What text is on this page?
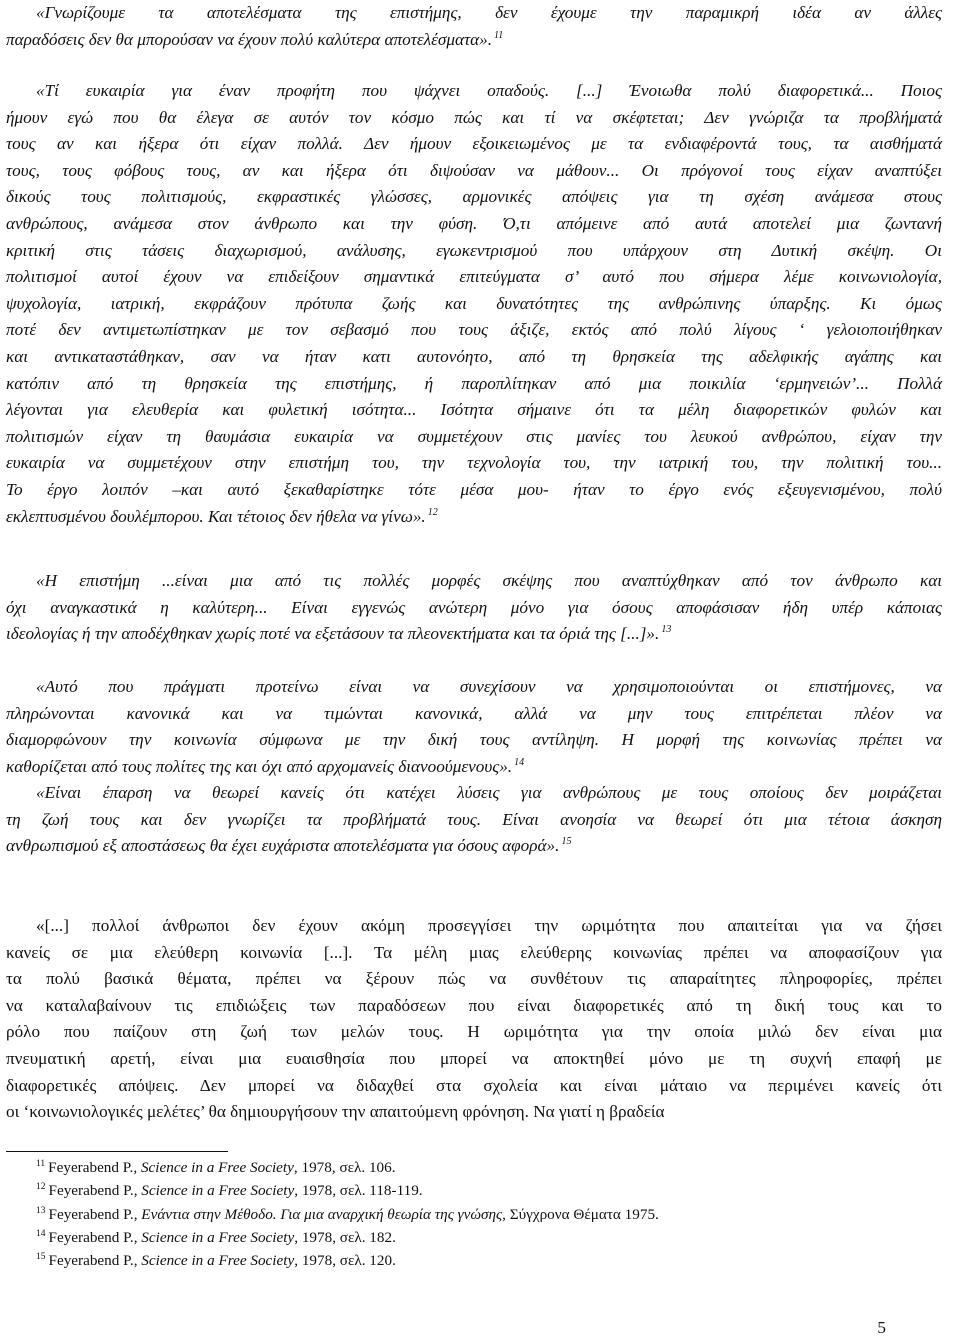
«Γνωρίζουμε τα αποτελέσματα της επιστήμης, δεν έχουμε την παραμικρή ιδέα αν άλλες
παραδόσεις δεν θα μπορούσαν να έχουν πολύ καλύτερα αποτελέσματα». $^{11}$
«Τί ευκαιρία για έναν προφήτη που ψάχνει οπαδούς. [...] Ένοιωθα πολύ διαφορετικά... Ποιος
ήμουν εγώ που θα έλεγα σε αυτόν τον κόσμο πώς και τί να σκέφτεται; Δεν γνώριζα τα προβλήματά
τους αν και ήξερα ότι είχαν πολλά. Δεν ήμουν εξοικειωμένος με τα ενδιαφέροντά τους, τα αισθήματά
τους, τους φόβους τους, αν και ήξερα ότι διψούσαν να μάθουν... Οι πρόγονοί τους είχαν αναπτύξει
δικούς τους πολιτισμούς, εκφραστικές γλώσσες, αρμονικές απόψεις για τη σχέση ανάμεσα στους
ανθρώπους, ανάμεσα στον άνθρωπο και την φύση. Ό,τι απόμεινε από αυτά αποτελεί μια ζωντανή
κριτική στις τάσεις διαχωρισμού, ανάλυσης, εγωκεντρισμού που υπάρχουν στη Δυτική σκέψη. Οι
πολιτισμοί αυτοί έχουν να επιδείξουν σημαντικά επιτεύγματα σ’ αυτό που σήμερα λέμε κοινωνιολογία,
ψυχολογία, ιατρική, εκφράζουν πρότυπα ζωής και δυνατότητες της ανθρώπινης ύπαρξης. Κι όμως
ποτέ δεν αντιμετωπίστηκαν με τον σεβασμό που τους άξιζε, εκτός από πολύ λίγους ‘ γελοιοποιήθηκαν
και αντικαταστάθηκαν, σαν να ήταν κατι αυτονόητο, από τη θρησκεία της αδελφικής αγάπης και
κατόπιν από τη θρησκεία της επιστήμης, ή παροπλίτηκαν από μια ποικιλία ‘ερμηνειών’... Πολλά
λέγονται για ελευθερία και φυλετική ισότητα... Ισότητα σήμαινε ότι τα μέλη διαφορετικών φυλών και
πολιτισμών είχαν τη θαυμάσια ευκαιρία να συμμετέχουν στις μανίες του λευκού ανθρώπου, είχαν την
ευκαιρία να συμμετέχουν στην επιστήμη του, την τεχνολογία του, την ιατρική του, την πολιτική του...
Το έργο λοιπόν –και αυτό ξεκαθαρίστηκε τότε μέσα μου- ήταν το έργο ενός εξευγενισμένου, πολύ
εκλεπτυσμένου δουλέμπορου. Και τέτοιος δεν ήθελα να γίνω». $^{12}$
«Η επιστήμη ...είναι μια από τις πολλές μορφές σκέψης που αναπτύχθηκαν από τον άνθρωπο και
όχι αναγκαστικά η καλύτερη... Είναι εγγενώς ανώτερη μόνο για όσους αποφάσισαν ήδη υπέρ κάποιας
ιδεολογίας ή την αποδέχθηκαν χωρίς ποτέ να εξετάσουν τα πλεονεκτήματα και τα όριά της [...]». $^{13}$
«Αυτό που πράγματι προτείνω είναι να συνεχίσουν να χρησιμοποιούνται οι επιστήμονες, να
πληρώνονται κανονικά και να τιμώνται κανονικά, αλλά να μην τους επιτρέπεται πλέον να
διαμορφώνουν την κοινωνία σύμφωνα με την δική τους αντίληψη. Η μορφή της κοινωνίας πρέπει να
καθορίζεται από τους πολίτες της και όχι από αρχομανείς διανοούμενους». $^{14}$
«Είναι έπαρση να θεωρεί κανείς ότι κατέχει λύσεις για ανθρώπους με τους οποίους δεν μοιράζεται
τη ζωή τους και δεν γνωρίζει τα προβλήματά τους. Είναι ανοησία να θεωρεί ότι μια τέτοια άσκηση
ανθρωπισμού εξ αποστάσεως θα έχει ευχάριστα αποτελέσματα για όσους αφορά». $^{15}$
«[...] πολλοί άνθρωποι δεν έχουν ακόμη προσεγγίσει την ωριμότητα που απαιτείται για να ζήσει
κανείς σε μια ελεύθερη κοινωνία [...]. Τα μέλη μιας ελεύθερης κοινωνίας πρέπει να αποφασίζουν για
τα πολύ βασικά θέματα, πρέπει να ξέρουν πώς να συνθέτουν τις απαραίτητες πληροφορίες, πρέπει
να καταλαβαίνουν τις επιδιώξεις των παραδόσεων που είναι διαφορετικές από τη δική τους και το
ρόλο που παίζουν στη ζωή των μελών τους. Η ωριμότητα για την οποία μιλώ δεν είναι μια
πνευματική αρετή, είναι μια ευαισθησία που μπορεί να αποκτηθεί μόνο με τη συχνή επαφή με
διαφορετικές απόψεις. Δεν μπορεί να διδαχθεί στα σχολεία και είναι μάταιο να περιμένει κανείς ότι
οι ‘κοινωνιολογικές μελέτες’ θα δημιουργήσουν την απαιτούμενη φρόνηση. Να γιατί η βραδεία
$^{11}$ Feyerabend P., Science in a Free Society, 1978, σελ. 106.
$^{12}$ Feyerabend P., Science in a Free Society, 1978, σελ. 118-119.
$^{13}$ Feyerabend P., Ενάντια στην Μέθοδο. Για μια αναρχική θεωρία της γνώσης, Σύγχρονα Θέματα 1975.
$^{14}$ Feyerabend P., Science in a Free Society, 1978, σελ. 182.
$^{15}$ Feyerabend P., Science in a Free Society, 1978, σελ. 120.
5
